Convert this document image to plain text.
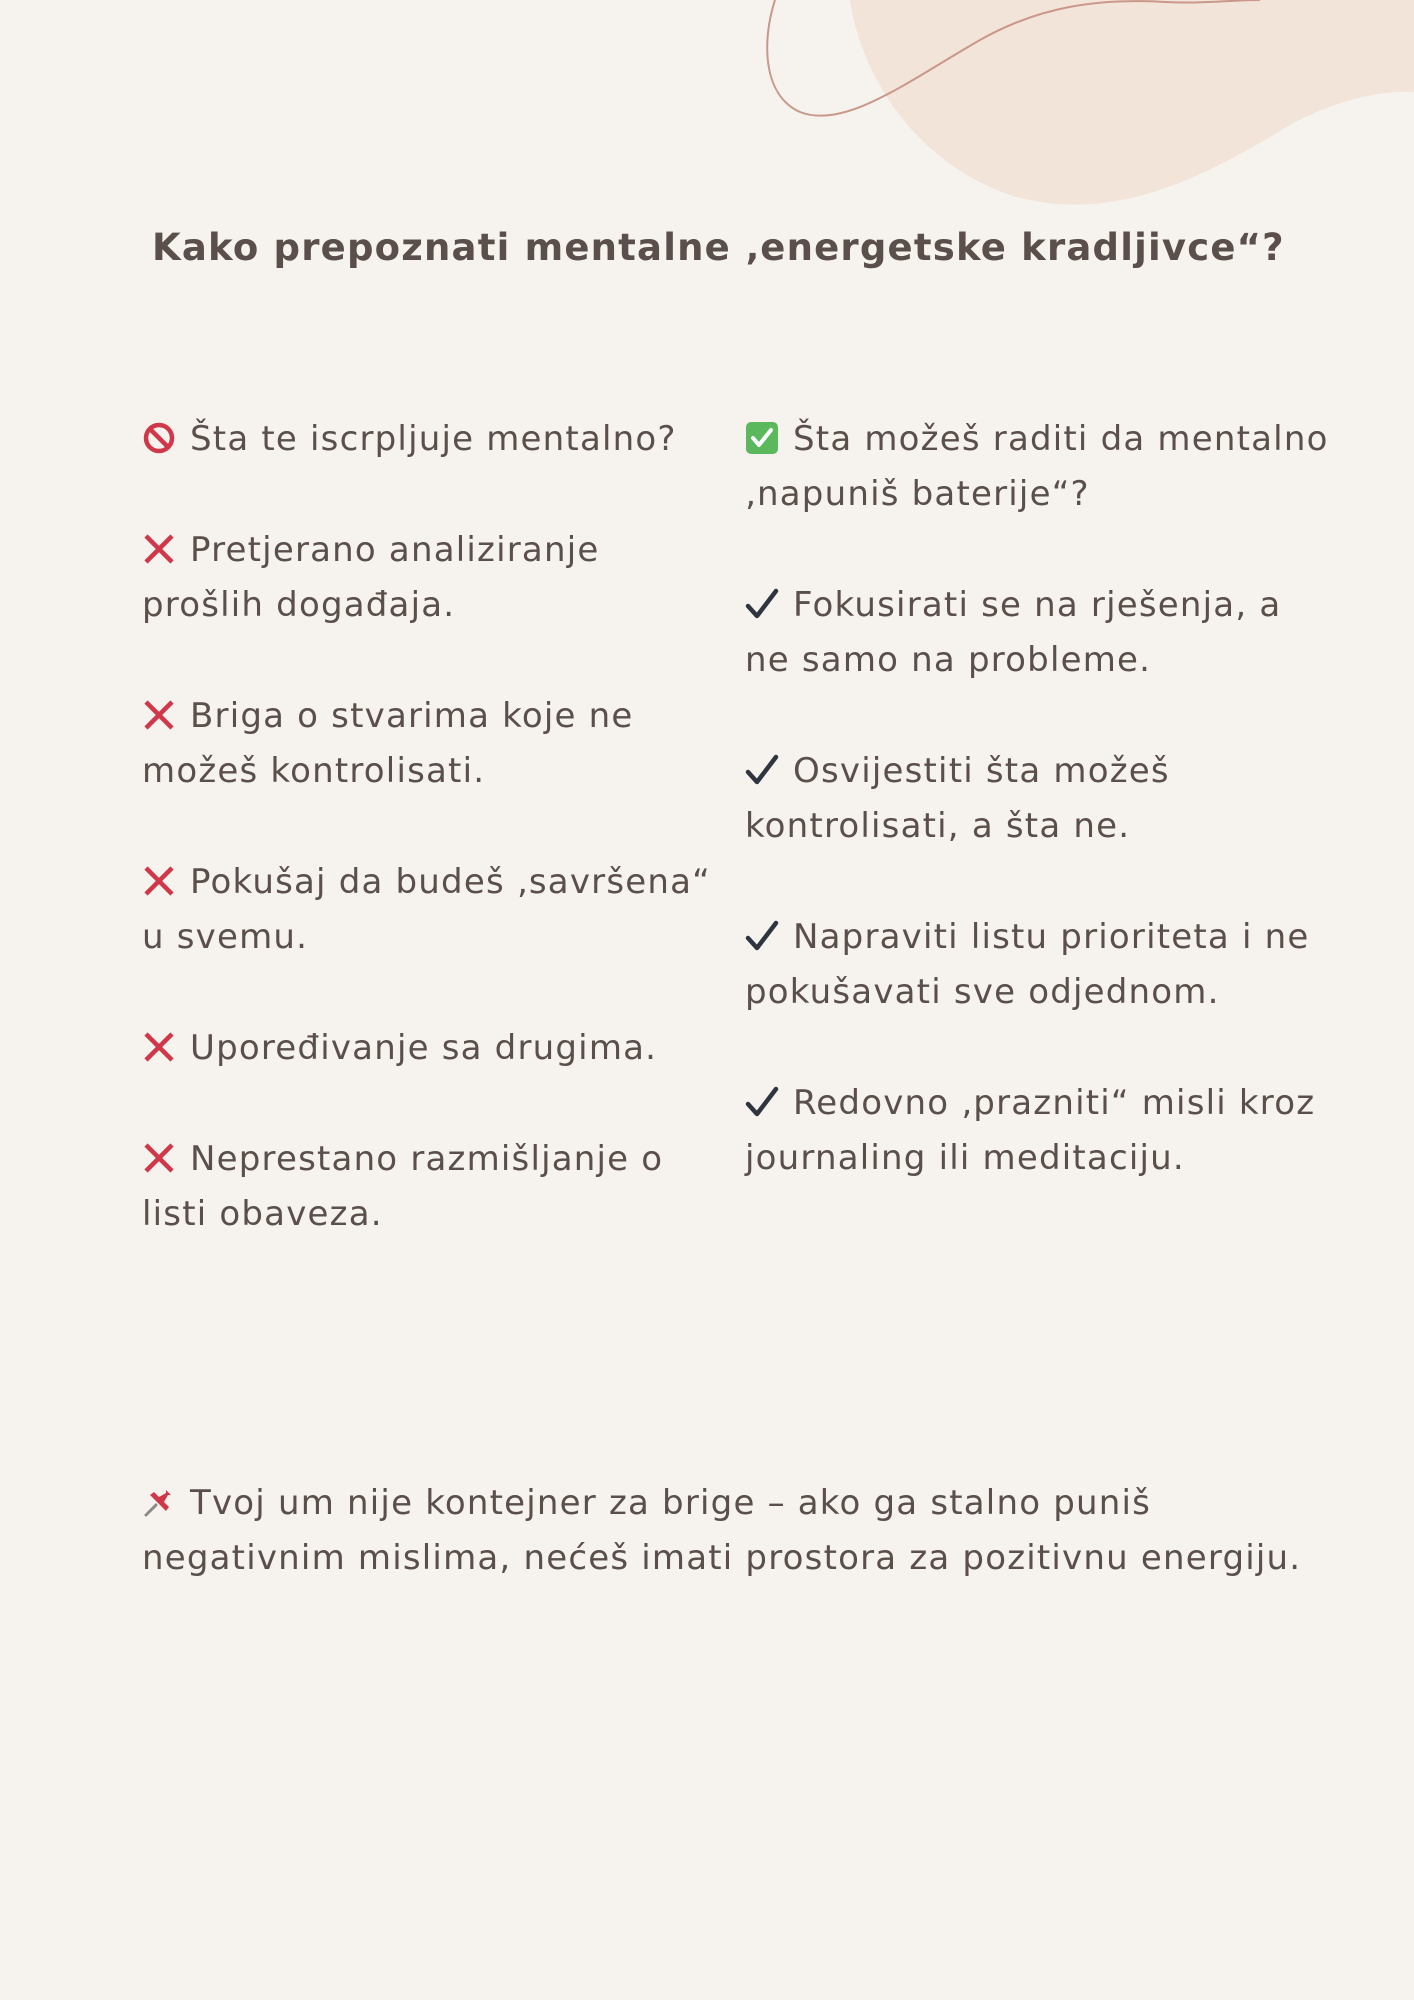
Kako prepoznati mentalne ‚energetske kradljivce“?
Šta te iscrpljuje mentalno?
Pretjerano analiziranje prošlih događaja.
Briga o stvarima koje ne možeš kontrolisati.
Pokušaj da budeš ‚savršena“ u svemu.
Upoređivanje sa drugima.
Neprestano razmišljanje o listi obaveza.
Šta možeš raditi da mentalno ‚napuniš baterije“?
Fokusirati se na rješenja, a ne samo na probleme.
Osvijestiti šta možeš kontrolisati, a šta ne.
Napraviti listu prioriteta i ne pokušavati sve odjednom.
Redovno ‚prazniti“ misli kroz journaling ili meditaciju.
Tvoj um nije kontejner za brige – ako ga stalno puniš negativnim mislima, nećeš imati prostora za pozitivnu energiju.
